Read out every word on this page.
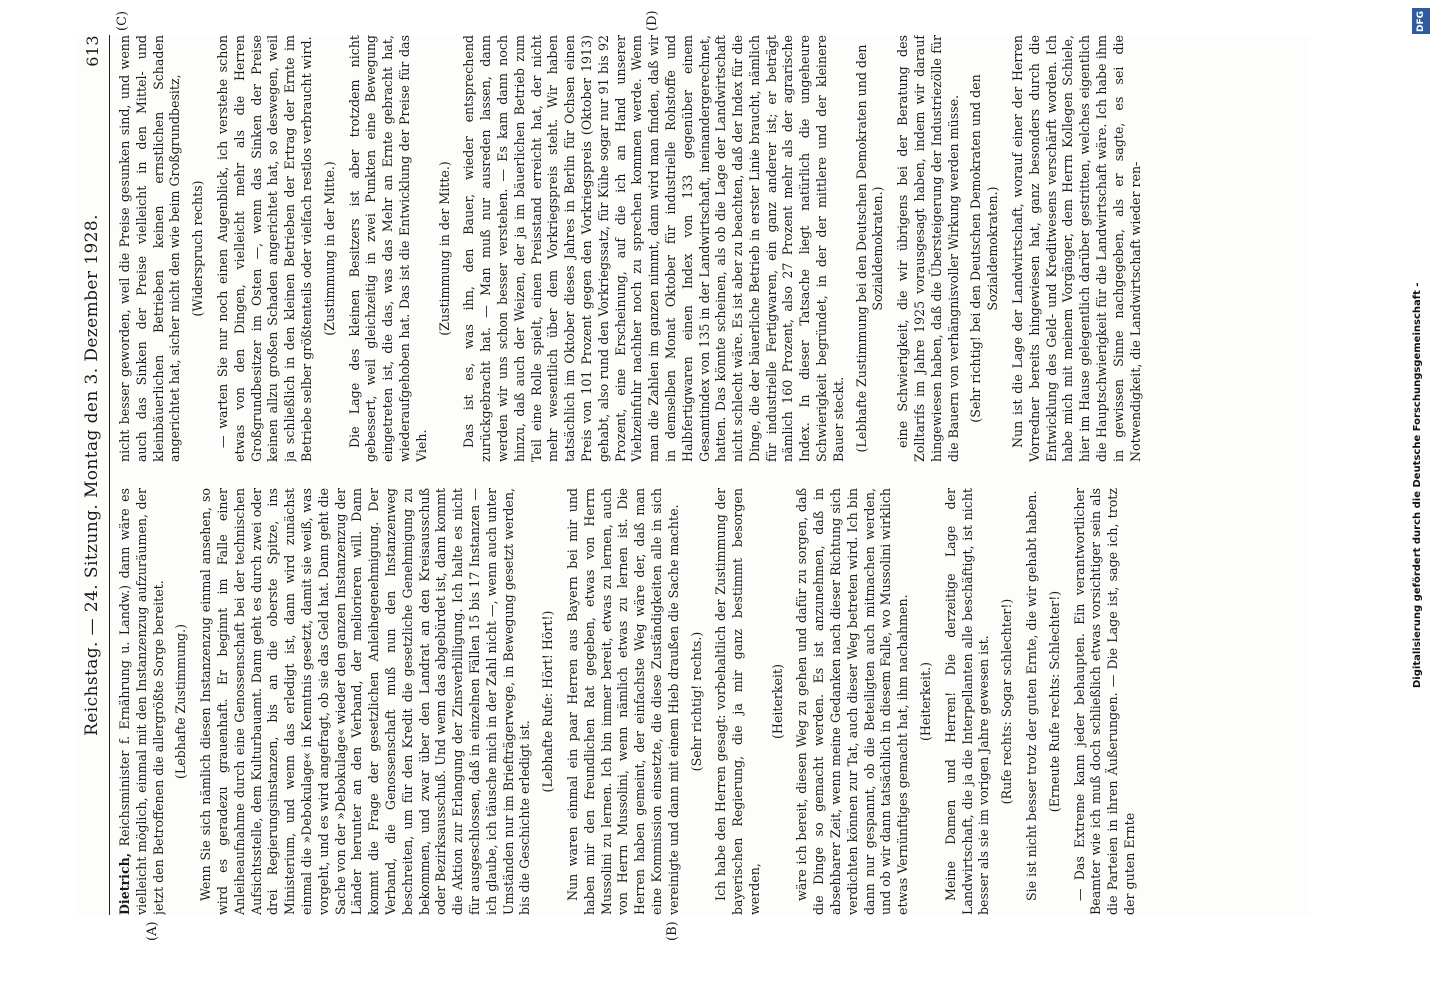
Reichstag. — 24. Sitzung. Montag den 3. Dezember 1928.
613
(A)	(B)
(C)	(D)

Dietrich, Reichsminister f. Ernährung u. Landw.) dann wäre es vielleicht möglich, einmal mit den Instanzenzug aufzuräumen, der jetzt den Betroffenen die allergrößte Sorge bereitet. (Lebhafte Zustimmung.) Wenn Sie sich nämlich diesen Instanzenzug einmal ansehen, so wird es geradezu grauenhaft. Er beginnt im Falle einer Anleiheaufnahme durch eine Genossenschaft bei der technischen Aufsichtsstelle, dem Kulturbauamt. Dann geht es durch zwei oder drei Regierungsinstanzen, bis an die oberste Spitze, ins Ministerium, und wenn das erledigt ist, dann wird zunächst einmal die »Debokulage« in Kenntnis gesetzt, damit sie weiß, was vorgeht, und es wird angefragt, ob sie das Geld hat. Dann geht die Sache von der »Debokulage« wieder den ganzen Instanzenzug der Länder herunter an den Verband, der meliorieren will. Dann kommt die Frage der gesetzlichen Anleihegenehmigung. Der Verband, die Genossenschaft muß nun den Instanzenweg beschreiten, um für den Kredit die gesetzliche Genehmigung zu bekommen, und zwar über den Landrat an den Kreisausschuß oder Bezirksausschuß. Und wenn das abgebürdet ist, dann kommt die Aktion zur Erlangung der Zinsverbilligung. Ich halte es nicht für ausgeschlossen, daß in einzelnen Fällen 15 bis 17 Instanzen — ich glaube, ich täusche mich in der Zahl nicht —, wenn auch unter Umständen nur im Briefträgerwege, in Bewegung gesetzt werden, bis die Geschichte erledigt ist.

(Lebhafte Rufe: Hört! Hört!) Nun waren einmal ein paar Herren aus Bayern bei mir und haben mir den freundlichen Rat gegeben, etwas von Herrn Mussolini zu lernen. Ich bin immer bereit, etwas zu lernen, auch von Herrn Mussolini, wenn nämlich etwas zu lernen ist. Die Herren haben gemeint, der einfachste Weg wäre der, daß man eine Kommission einsetzte, die diese Zuständigkeiten alle in sich vereinigte und dann mit einem Hieb draußen die Sache machte. (Sehr richtig! rechts.) Ich habe den Herren gesagt: vorbehaltlich der Zustimmung der bayerischen Regierung, die ja mir ganz bestimmt besorgen werden,

(Heiterkeit) wäre ich bereit, diesen Weg zu gehen und dafür zu sorgen, daß die Dinge so gemacht werden. Es ist anzunehmen, daß in absehbarer Zeit, wenn meine Gedanken nach dieser Richtung sich verdichten können zur Tat, auch dieser Weg betreten wird. Ich bin dann nur gespannt, ob die Beteiligten auch mitmachen werden, und ob wir dann tatsächlich in diesem Falle, wo Mussolini wirklich etwas Vernünftiges gemacht hat, ihm nachahmen. (Heiterkeit.) Meine Damen und Herren! Die derzeitige Lage der Landwirtschaft, die ja die Interpellanten alle beschäftigt, ist nicht besser als sie im vorigen Jahre gewesen ist. (Rufe rechts: Sogar schlechter!) Sie ist nicht besser trotz der guten Ernte, die wir gehabt haben. (Erneute Rufe rechts: Schlechter!) — Das Extreme kann jeder behaupten. Ein verantwortlicher Beamter wie ich muß doch schließlich etwas vorsichtiger sein als die Parteien in ihren Äußerungen. — Die Lage ist, sage ich, trotz der guten Ernte

nicht besser geworden, weil die Preise gesunken sind, und wenn auch das Sinken der Preise vielleicht in den Mittel- und kleinbäuerlichen Betrieben keinen ernstlichen Schaden angerichtet hat, sicher nicht den wie beim Großgrundbesitz, (Widerspruch rechts) — warten Sie nur noch einen Augenblick, ich verstehe schon etwas von den Dingen, vielleicht mehr als die Herren Großgrundbesitzer im Osten —, wenn das Sinken der Preise keinen allzu großen Schaden angerichtet hat, so deswegen, weil ja schließlich in den kleinen Betrieben der Ertrag der Ernte im Betriebe selber größtenteils oder vielfach restlos verbraucht wird. (Zustimmung in der Mitte.) Die Lage des kleinen Besitzers ist aber trotzdem nicht gebessert, weil gleichzeitig in zwei Punkten eine Bewegung eingetreten ist, die das, was das Mehr an Ernte gebracht hat, wiederaufgehoben hat. Das ist die Entwicklung der Preise für das Vieh.

(Zustimmung in der Mitte.) Das ist es, was ihn, den Bauer, wieder entsprechend zurückgebracht hat. — Man muß nur ausreden lassen, dann werden wir uns schon besser verstehen. — Es kam dann noch hinzu, daß auch der Weizen, der ja im bäuerlichen Betrieb zum Teil eine Rolle spielt, einen Preisstand erreicht hat, der nicht mehr wesentlich über dem Vorkriegspreis steht. Wir haben tatsächlich im Oktober dieses Jahres in Berlin für Ochsen einen Preis von 101 Prozent gegen den Vorkriegspreis (Oktober 1913) gehabt, also rund den Vorkriegssatz, für Kühe sogar nur 91 bis 92 Prozent, eine Erscheinung, auf die ich an Hand unserer Viehzeinfuhr nachher noch zu sprechen kommen werde. Wenn man die Zahlen im ganzen nimmt, dann wird man finden, daß wir in demselben Monat Oktober für industrielle Rohstoffe und Halbfertigwaren einen Index von 133 gegenüber einem Gesamtindex von 135 in der Landwirtschaft, ineinandergerechnet, hatten. Das könnte scheinen, als ob die Lage der Landwirtschaft nicht schlecht wäre. Es ist aber zu beachten, daß der Index für die Dinge, die der bäuerliche Betrieb in erster Linie braucht, nämlich für industrielle Fertigwaren, ein ganz anderer ist; er beträgt nämlich 160 Prozent, also 27 Prozent mehr als der agrarische Index. In dieser Tatsache liegt natürlich die ungeheure Schwierigkeit begründet, in der der mittlere und der kleinere Bauer steckt. (Lebhafte Zustimmung bei den Deutschen Demokraten und den Sozialdemokraten.) eine Schwierigkeit, die wir übrigens bei der Beratung des Zolltarifs im Jahre 1925 vorausgesagt haben, indem wir darauf hingewiesen haben, daß die Übersteigerung der Industriezölle für die Bauern von verhängnisvoller Wirkung werden müsse. (Sehr richtig! bei den Deutschen Demokraten und den Sozialdemokraten.) Nun ist die Lage der Landwirtschaft, worauf einer der Herren Vorredner bereits hingewiesen hat, ganz besonders durch die Entwicklung des Geld- und Kreditwesens verschärft worden. Ich habe mich mit meinem Vorgänger, dem Herrn Kollegen Schiele, hier im Hause gelegentlich darüber gestritten, welches eigentlich die Hauptschwierigkeit für die Landwirtschaft wäre. Ich habe ihm in gewissen Sinne nachgegeben, als er sagte, es sei die Notwendigkeit, die Landwirtschaft wieder ren-

DFG
Digitalisierung gefördert durch die Deutsche Forschungsgemeinschaft -
